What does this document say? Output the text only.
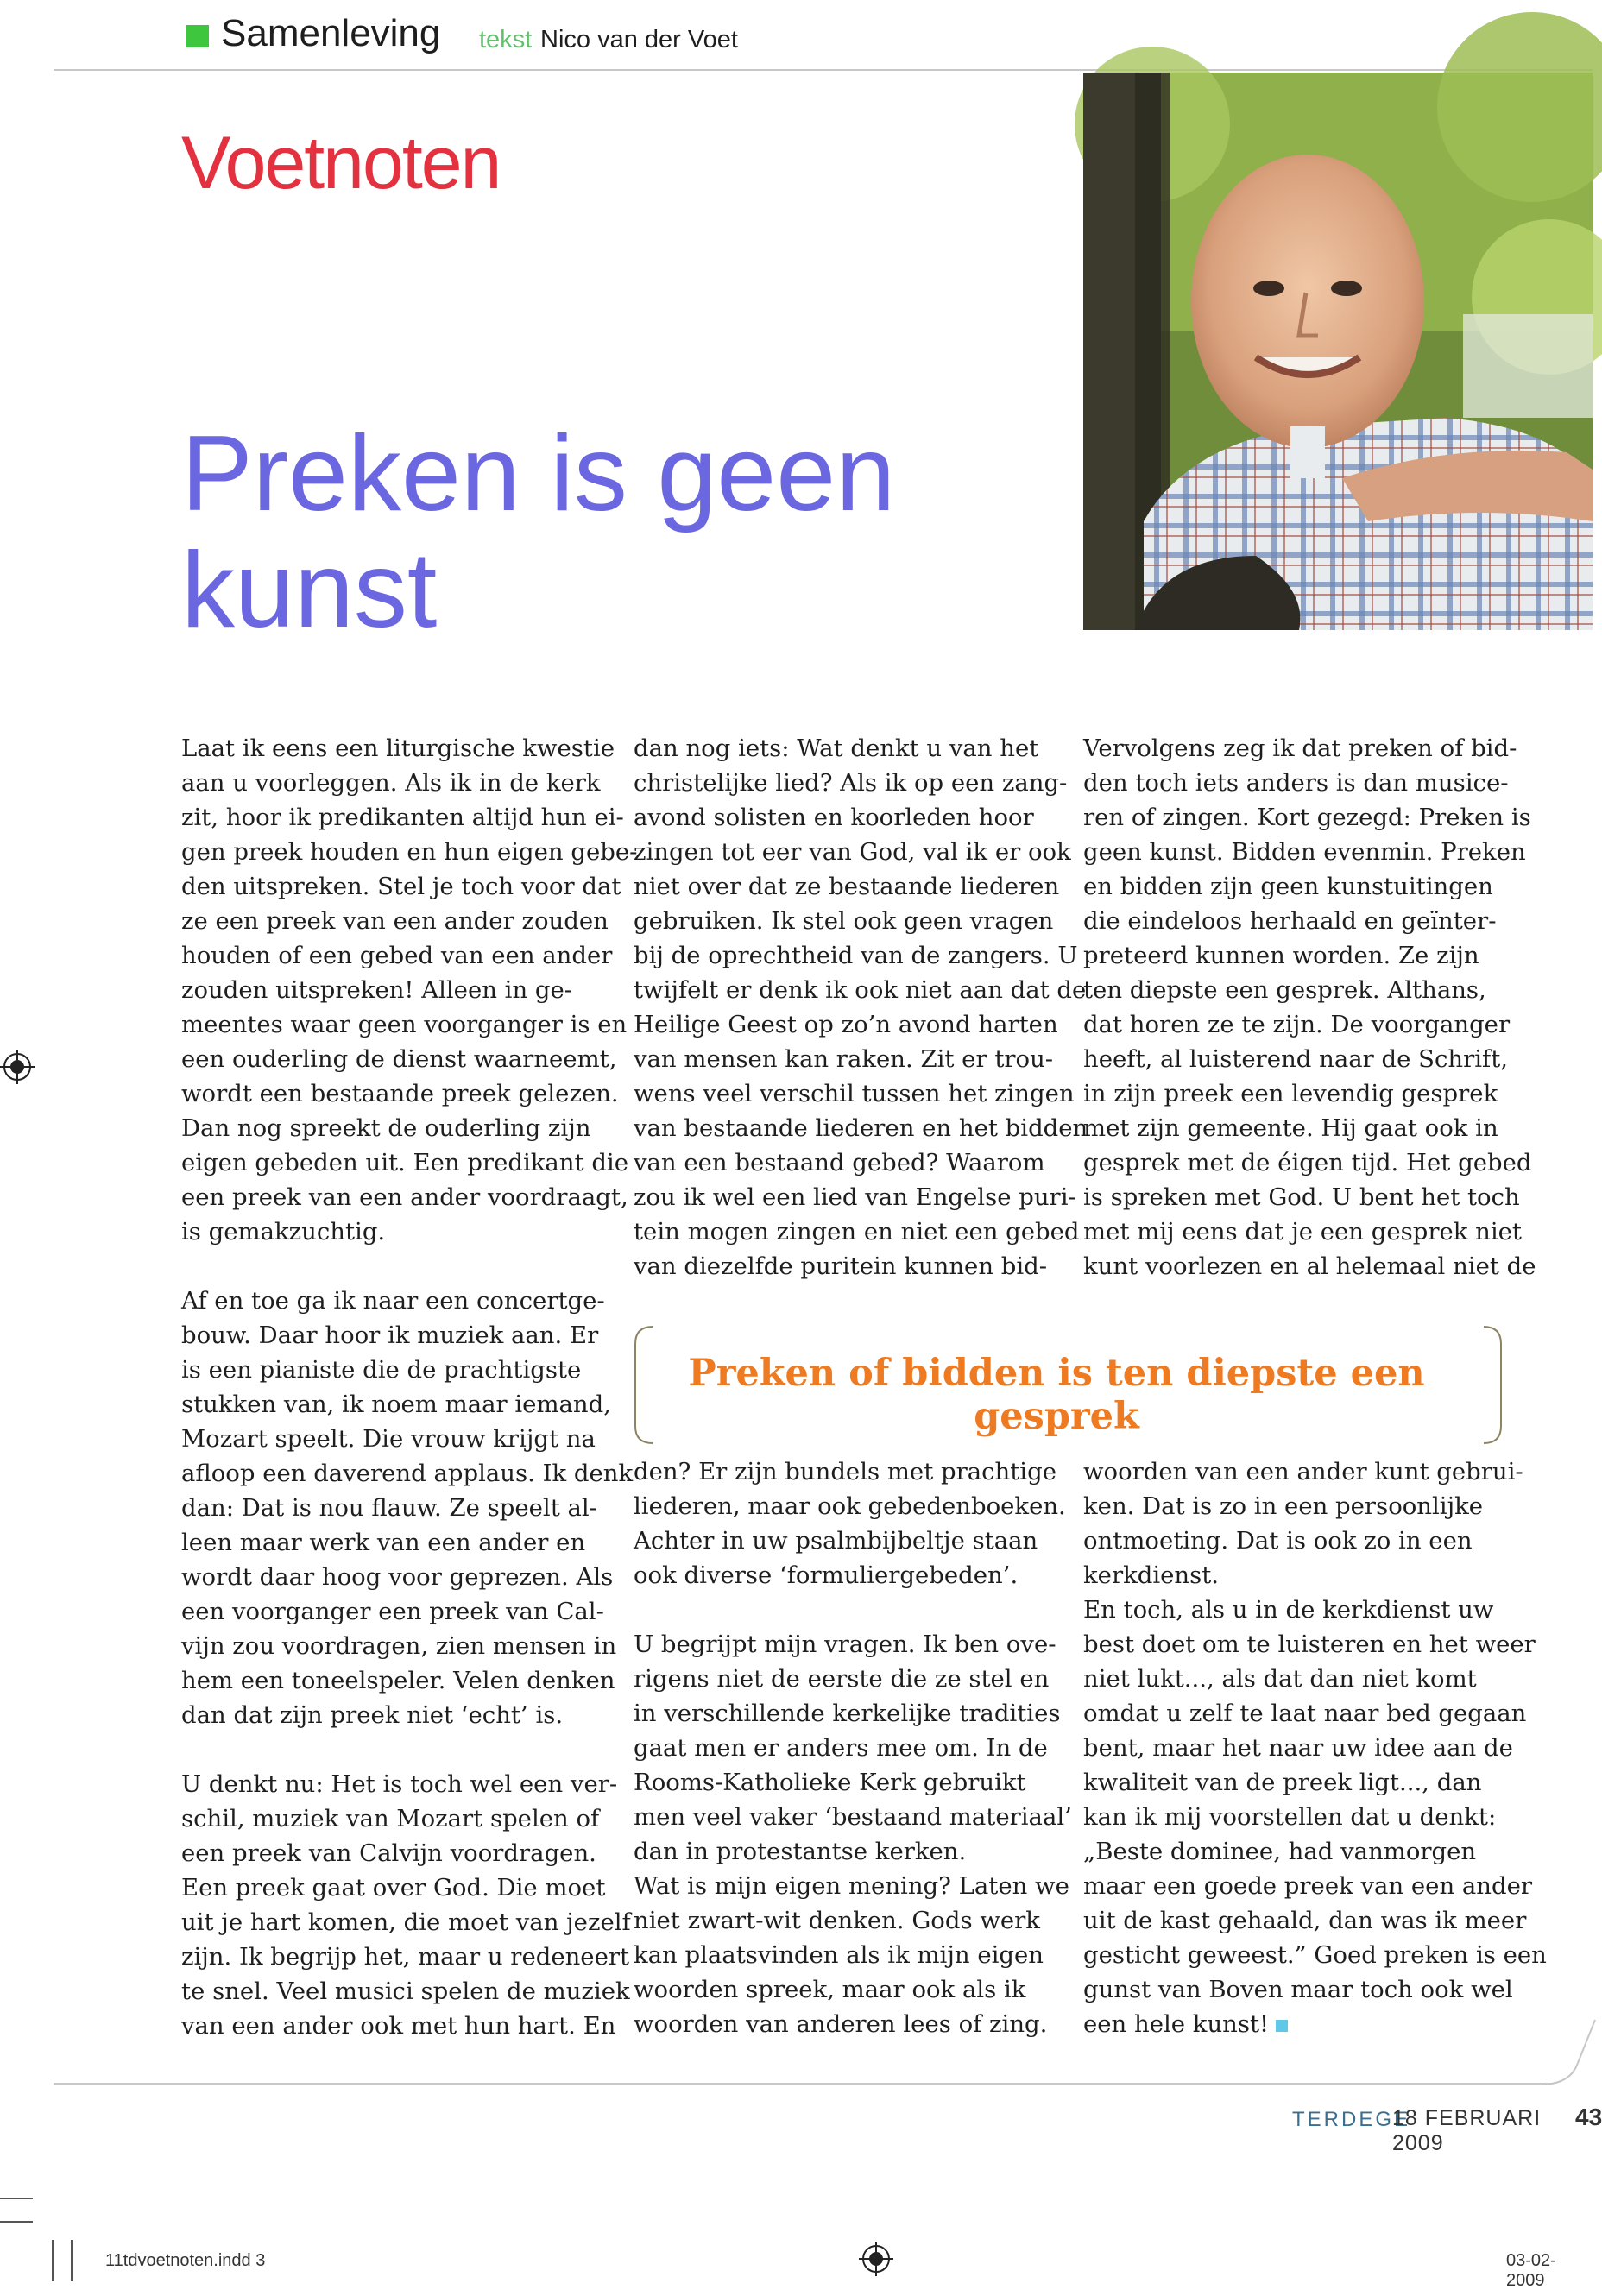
Samenleving tekst Nico van der Voet
Voetnoten
Preken is geen
kunst

Laat ik eens een liturgische kwestie

aan u voorleggen. Als ik in de kerk

zit, hoor ik predikanten altijd hun ei-

gen preek houden en hun eigen gebe-

den uitspreken. Stel je toch voor dat

ze een preek van een ander zouden

houden of een gebed van een ander

zouden uitspreken! Alleen in ge-

meentes waar geen voorganger is en

een ouderling de dienst waarneemt,

wordt een bestaande preek gelezen.

Dan nog spreekt de ouderling zijn

eigen gebeden uit. Een predikant die

een preek van een ander voordraagt,

is gemakzuchtig.

Af en toe ga ik naar een concertge-

bouw. Daar hoor ik muziek aan. Er

is een pianiste die de prachtigste

stukken van, ik noem maar iemand,

Mozart speelt. Die vrouw krijgt na

afloop een daverend applaus. Ik denk

dan: Dat is nou flauw. Ze speelt al-

leen maar werk van een ander en

wordt daar hoog voor geprezen. Als

een voorganger een preek van Cal-

vijn zou voordragen, zien mensen in

hem een toneelspeler. Velen denken

dan dat zijn preek niet ‘echt’ is.

U denkt nu: Het is toch wel een ver-

schil, muziek van Mozart spelen of

een preek van Calvijn voordragen.

Een preek gaat over God. Die moet

uit je hart komen, die moet van jezelf

zijn. Ik begrijp het, maar u redeneert

te snel. Veel musici spelen de muziek

van een ander ook met hun hart. En

dan nog iets: Wat denkt u van het

christelijke lied? Als ik op een zang-

avond solisten en koorleden hoor

zingen tot eer van God, val ik er ook

niet over dat ze bestaande liederen

gebruiken. Ik stel ook geen vragen

bij de oprechtheid van de zangers. U

twijfelt er denk ik ook niet aan dat de

Heilige Geest op zo’n avond harten

van mensen kan raken. Zit er trou-

wens veel verschil tussen het zingen

van bestaande liederen en het bidden

van een bestaand gebed? Waarom

zou ik wel een lied van Engelse puri-

tein mogen zingen en niet een gebed

van diezelfde puritein kunnen bid-

Vervolgens zeg ik dat preken of bid-

den toch iets anders is dan musice-

ren of zingen. Kort gezegd: Preken is

geen kunst. Bidden evenmin. Preken

en bidden zijn geen kunstuitingen

die eindeloos herhaald en geïnter-

preteerd kunnen worden. Ze zijn

ten diepste een gesprek. Althans,

dat horen ze te zijn. De voorganger

heeft, al luisterend naar de Schrift,

in zijn preek een levendig gesprek

met zijn gemeente. Hij gaat ook in

gesprek met de éigen tijd. Het gebed

is spreken met God. U bent het toch

met mij eens dat je een gesprek niet

kunt voorlezen en al helemaal niet de

Preken of bidden is ten diepste een gesprek

den? Er zijn bundels met prachtige

liederen, maar ook gebedenboeken.

Achter in uw psalmbijbeltje staan

ook diverse ‘formuliergebeden’.

U begrijpt mijn vragen. Ik ben ove-

rigens niet de eerste die ze stel en

in verschillende kerkelijke tradities

gaat men er anders mee om. In de

Rooms-Katholieke Kerk gebruikt

men veel vaker ‘bestaand materiaal’

dan in protestantse kerken.

Wat is mijn eigen mening? Laten we

niet zwart-wit denken. Gods werk

kan plaatsvinden als ik mijn eigen

woorden spreek, maar ook als ik

woorden van anderen lees of zing.

woorden van een ander kunt gebrui-

ken. Dat is zo in een persoonlijke

ontmoeting. Dat is ook zo in een

kerkdienst.

En toch, als u in de kerkdienst uw

best doet om te luisteren en het weer

niet lukt..., als dat dan niet komt

omdat u zelf te laat naar bed gegaan

bent, maar het naar uw idee aan de

kwaliteit van de preek ligt..., dan

kan ik mij voorstellen dat u denkt:

„Beste dominee, had vanmorgen

maar een goede preek van een ander

uit de kast gehaald, dan was ik meer

gesticht geweest.” Goed preken is een

gunst van Boven maar toch ook wel

een hele kunst!

TERDEGE
18 FEBRUARI 2009
43
11tdvoetnoten.indd 3	03-02-2009
